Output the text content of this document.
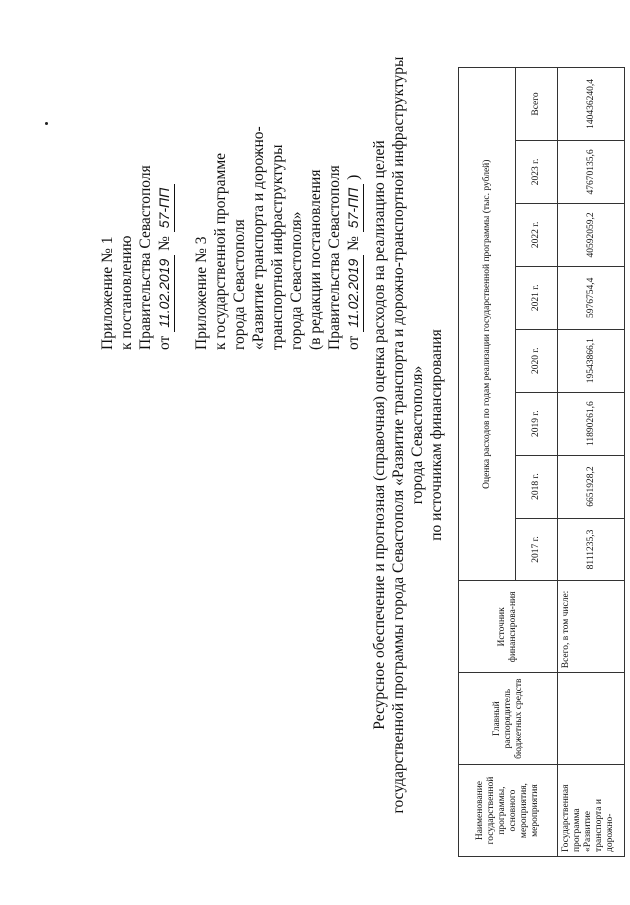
Приложение № 1 к постановлению Правительства Севастополя от 11.02.2019 № 57-ПП
Приложение № 3 к государственной программе города Севастополя «Развитие транспорта и дорожно- транспортной инфраструктуры города Севастополя» (в редакции постановления Правительства Севастополя от 11.02.2019 № 57-ПП ) Ресурсное обеспечение и прогнозная (справочная) оценка расходов на реализацию целей государственной программы города Севастополя «Развитие транспорта и дорожно-транспортной инфраструктуры города Севастополя» по источникам финансирования
Наименование государственной программы, основного мероприятия, мероприятия	Главный распорядитель бюджетных средств	Источник финансирова-ния	Оценка расходов по годам реализации государственной программы (тыс. рублей)							
			2017 г.	2018 г.	2019 г.	2020 г.	2021 г.	2022 г.	2023 г.	Всего
Государственная программа «Развитие транспорта и дорожно-		Всего, в том числе:	8111235,3	6651928,2	11890261,6	19543866,1	5976754,4	40592059,2	47670135,6	140436240,4
